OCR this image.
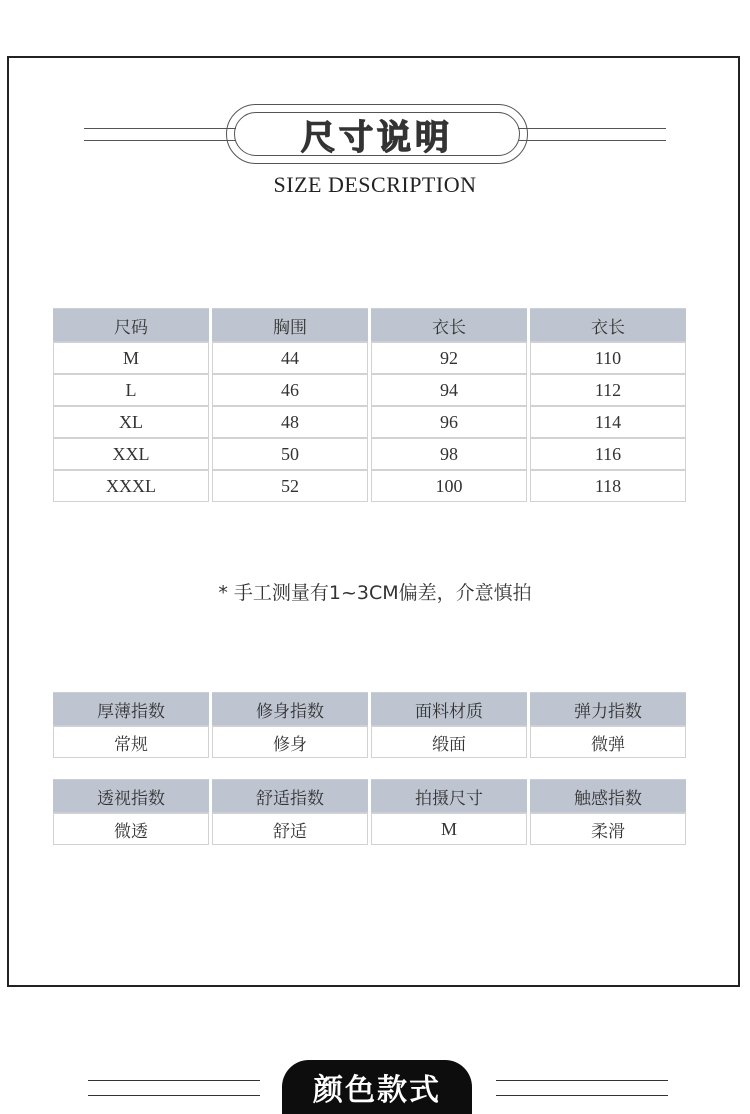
尺寸说明
SIZE DESCRIPTION
尺码	胸围	衣长	衣长
M	44	92	110
L	46	94	112
XL	48	96	114
XXL	50	98	116
XXXL	52	100	118
* 手工测量有1~3CM偏差，介意慎拍
厚薄指数	修身指数	面料材质	弹力指数
常规	修身	缎面	微弹
透视指数	舒适指数	拍摄尺寸	触感指数
微透	舒适	M	柔滑
颜色款式
